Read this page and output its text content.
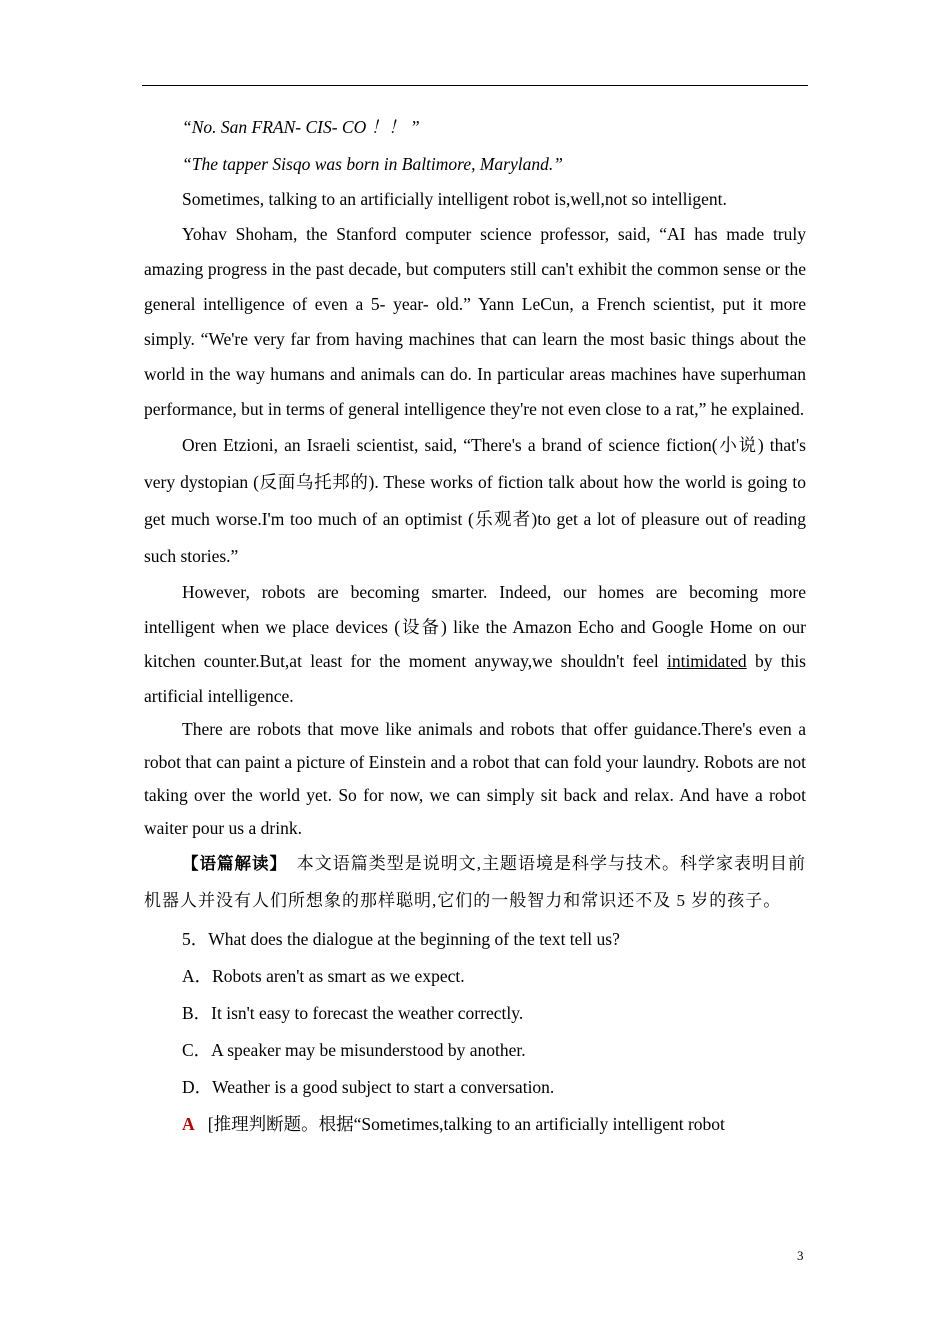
“No. San FRAN- CIS- CO ！！ ”

“The tapper Sisqo was born in Baltimore, Maryland.”

Sometimes, talking to an artificially intelligent robot is,well,not so intelligent.

Yohav Shoham, the Stanford computer science professor, said, “AI has made truly amazing progress in the past decade, but computers still can't exhibit the common sense or the general intelligence of even a 5- year- old.” Yann LeCun, a French scientist, put it more simply. “We're very far from having machines that can learn the most basic things about the world in the way humans and animals can do. In particular areas machines have superhuman performance, but in terms of general intelligence they're not even close to a rat,” he explained.

Oren Etzioni, an Israeli scientist, said, “There's a brand of science fiction(小说) that's very dystopian (反面乌托邦的). These works of fiction talk about how the world is going to get much worse.I'm too much of an optimist (乐观者)to get a lot of pleasure out of reading such stories.”

However, robots are becoming smarter. Indeed, our homes are becoming more intelligent when we place devices (设备) like the Amazon Echo and Google Home on our kitchen counter.But,at least for the moment anyway,we shouldn't feel intimidated by this artificial intelligence.

There are robots that move like animals and robots that offer guidance.There's even a robot that can paint a picture of Einstein and a robot that can fold your laundry. Robots are not taking over the world yet. So for now, we can simply sit back and relax. And have a robot waiter pour us a drink.

【语篇解读】　本文语篇类型是说明文,主题语境是科学与技术。科学家表明目前机器人并没有人们所想象的那样聪明,它们的一般智力和常识还不及 5 岁的孩子。

5．What does the dialogue at the beginning of the text tell us?

A．Robots aren't as smart as we expect.

B．It isn't easy to forecast the weather correctly.

C．A speaker may be misunderstood by another.

D．Weather is a good subject to start a conversation.

A [推理判断题。根据“Sometimes,talking to an artificially intelligent robot

3
